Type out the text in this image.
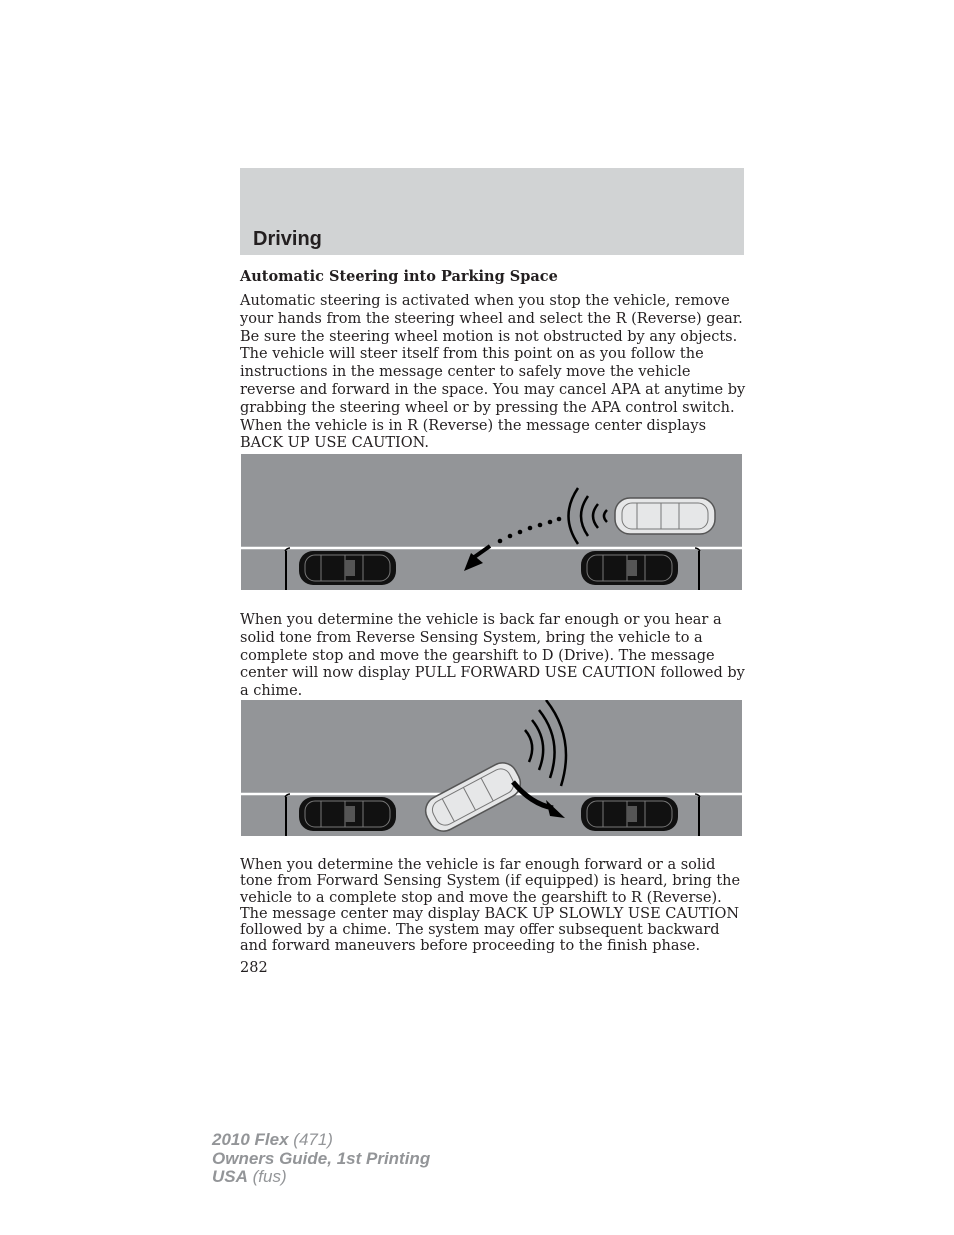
Driving
Automatic Steering into Parking Space

Automatic steering is activated when you stop the vehicle, remove your hands from the steering wheel and select the R (Reverse) gear. Be sure the steering wheel motion is not obstructed by any objects. The vehicle will steer itself from this point on as you follow the instructions in the message center to safely move the vehicle reverse and forward in the space. You may cancel APA at anytime by grabbing the steering wheel or by pressing the APA control switch. When the vehicle is in R (Reverse) the message center displays BACK UP USE CAUTION.

When you determine the vehicle is back far enough or you hear a solid tone from Reverse Sensing System, bring the vehicle to a complete stop and move the gearshift to D (Drive). The message center will now display PULL FORWARD USE CAUTION followed by a chime.

When you determine the vehicle is far enough forward or a solid tone from Forward Sensing System (if equipped) is heard, bring the vehicle to a complete stop and move the gearshift to R (Reverse). The message center may display BACK UP SLOWLY USE CAUTION followed by a chime. The system may offer subsequent backward and forward maneuvers before proceeding to the finish phase.

282

2010 Flex (471)
Owners Guide, 1st Printing
USA (fus)
